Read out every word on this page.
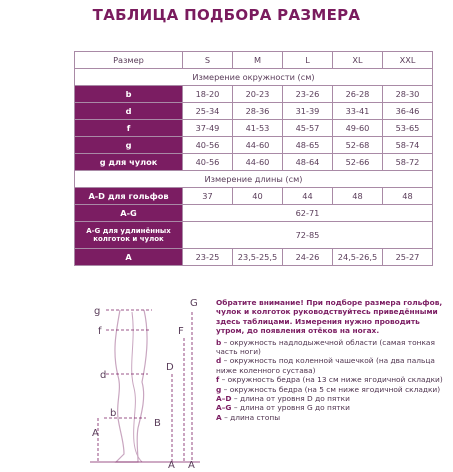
ТАБЛИЦА ПОДБОРА РАЗМЕРА
Размер	S	M	L	XL	XXL
Измерение окружности (см)					
b	18-20	20-23	23-26	26-28	28-30
d	25-34	28-36	31-39	33-41	36-46
f	37-49	41-53	45-57	49-60	53-65
g	40-56	44-60	48-65	52-68	58-74
g для чулок	40-56	44-60	48-64	52-66	58-72
Измерение длины (см)					
A-D для гольфов	37	40	44	48	48
A-G	62-71				
A-G для удлинённых колготок и чулок	72-85				
A	23-25	23,5-25,5	24-26	24,5-26,5	25-27
g
G
f	F
d
D
b
B
A
A A
Обратите внимание! При подборе размера гольфов, чулок и колготок руководствуйтесь приведёнными здесь таблицами. Измерения нужно проводить утром, до появления отёков на ногах.

b – окружность надлодыжечной области (самая тонкая часть ноги)

d – окружность под коленной чашечкой (на два пальца ниже коленного сустава)

f – окружность бедра (на 13 см ниже ягодичной складки)

g – окружность бедра (на 5 см ниже ягодичной складки)

A–D – длина от уровня D до пятки

A–G – длина от уровня G до пятки

A – длина стопы
